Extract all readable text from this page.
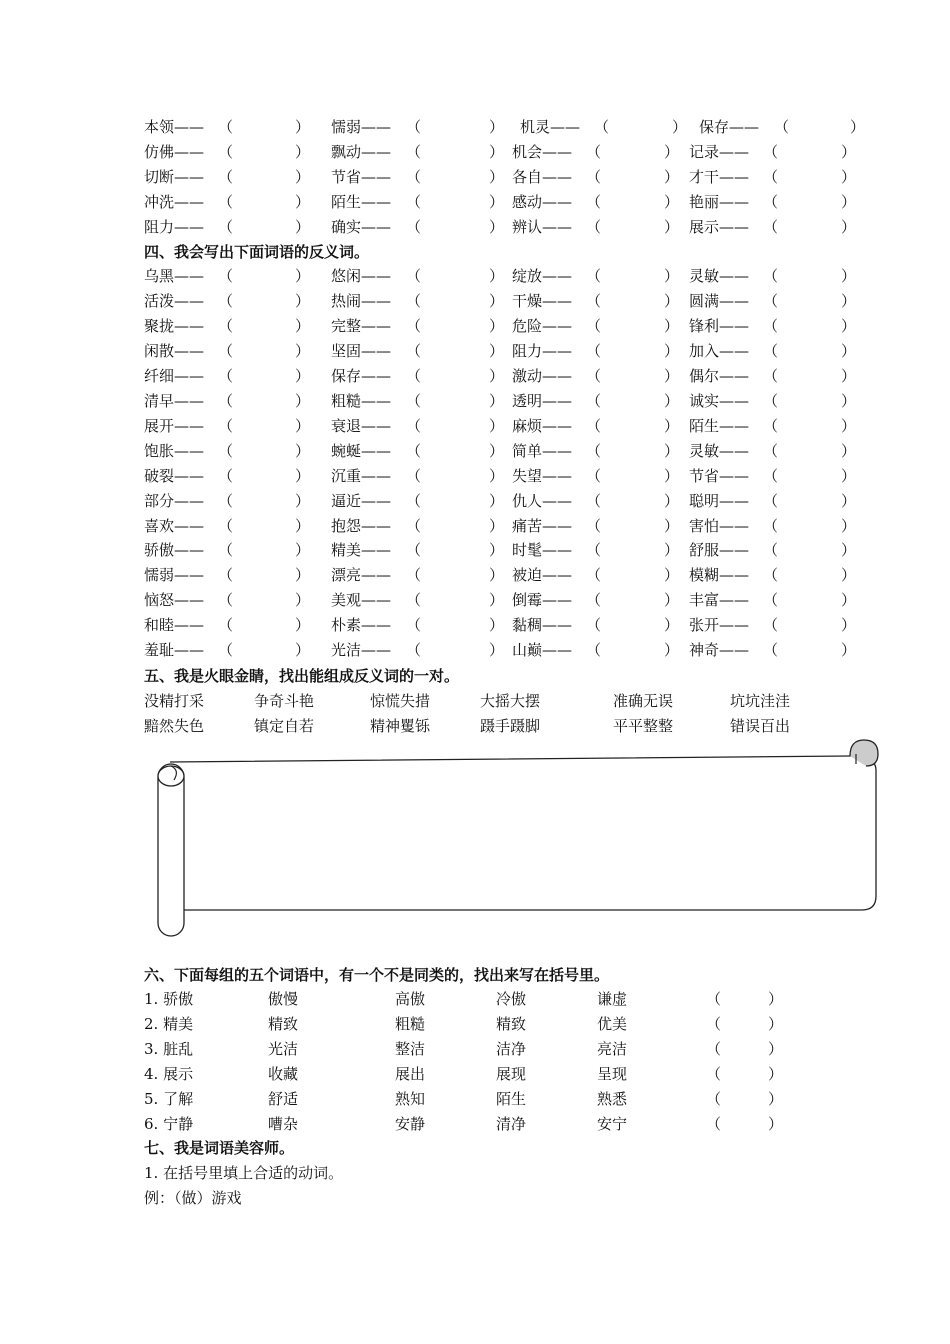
本领—— （	） 懦弱—— （	） 机灵—— （	） 保存—— （	）
仿佛—— （	） 飘动—— （	） 机会—— （	） 记录—— （	）
切断—— （	） 节省—— （	） 各自—— （	） 才干—— （	）
冲洗—— （	） 陌生—— （	） 感动—— （	） 艳丽—— （	）
阻力—— （	） 确实—— （	） 辨认—— （	） 展示—— （	）
四、我会写出下面词语的反义词。
乌黑—— （	） 悠闲—— （	） 绽放—— （	） 灵敏—— （	）
活泼—— （	） 热闹—— （	） 干燥—— （	） 圆满—— （	）
聚拢—— （	） 完整—— （	） 危险—— （	） 锋利—— （	）
闲散—— （	） 坚固—— （	） 阻力—— （	） 加入—— （	）
纤细—— （	） 保存—— （	） 激动—— （	） 偶尔—— （	）
清早—— （	） 粗糙—— （	） 透明—— （	） 诚实—— （	）
展开—— （	） 衰退—— （	） 麻烦—— （	） 陌生—— （	）
饱胀—— （	） 蜿蜒—— （	） 简单—— （	） 灵敏—— （	）
破裂—— （	） 沉重—— （	） 失望—— （	） 节省—— （	）
部分—— （	） 逼近—— （	） 仇人—— （	） 聪明—— （	）
喜欢—— （	） 抱怨—— （	） 痛苦—— （	） 害怕—— （	）
骄傲—— （	） 精美—— （	） 时髦—— （	） 舒服—— （	）
懦弱—— （	） 漂亮—— （	） 被迫—— （	） 模糊—— （	）
恼怒—— （	） 美观—— （	） 倒霉—— （	） 丰富—— （	）
和睦—— （	） 朴素—— （	） 黏稠—— （	） 张开—— （	）
羞耻—— （	） 光洁—— （	） 山巅—— （	） 神奇—— （	）
五、我是火眼金睛，找出能组成反义词的一对。
没精打采	争奇斗艳	惊慌失措	大摇大摆	准确无误	坑坑洼洼
黯然失色	镇定自若	精神矍铄	蹑手蹑脚	平平整整	错误百出
六、下面每组的五个词语中，有一个不是同类的，找出来写在括号里。
1. 骄傲	傲慢	高傲	冷傲	谦虚	（	）
2. 精美	精致	粗糙	精致	优美	（	）
3. 脏乱	光洁	整洁	洁净	亮洁	（	）
4. 展示	收藏	展出	展现	呈现	（	）
5. 了解	舒适	熟知	陌生	熟悉	（	）
6. 宁静	嘈杂	安静	清净	安宁	（	）
七、我是词语美容师。
1. 在括号里填上合适的动词。
例：（做）游戏
